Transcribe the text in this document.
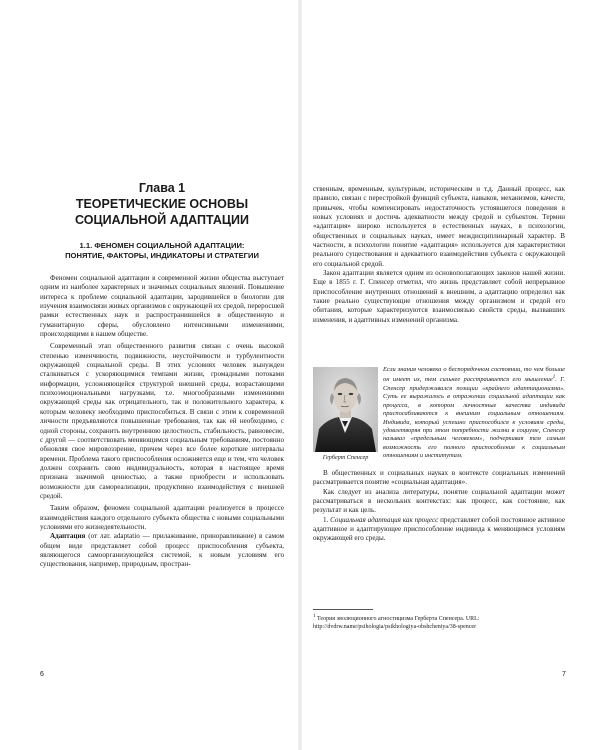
Глава 1
ТЕОРЕТИЧЕСКИЕ ОСНОВЫ
СОЦИАЛЬНОЙ АДАПТАЦИИ
1.1. ФЕНОМЕН СОЦИАЛЬНОЙ АДАПТАЦИИ:
ПОНЯТИЕ, ФАКТОРЫ, ИНДИКАТОРЫ И СТРАТЕГИИ

Феномен социальной адаптации в современной жизни общества выступает одним из наиболее характерных и значимых социальных явлений. Повышение интереса к проблеме социальной адаптации, зародившейся в биологии для изучения взаимосвязи живых организмов с окружающей их средой, переросшей рамки естественных наук и распространившейся в общественную и гуманитарную сферы, обусловлено интенсивными изменениями, происходящими в нашем обществе.

Современный этап общественного развития связан с очень высокой степенью изменчивости, подвижности, неустойчивости и турбулентности окружающей социальной среды. В этих условиях человек вынужден сталкиваться с ускоряющимися темпами жизни, громадными потоками информации, усложняющейся структурой внешней среды, возрастающими психоэмоциональными нагрузками, т.е. многообразными изменениями окружающей среды как отрицательного, так и положительного характера, к которым человеку необходимо приспособиться. В связи с этим к современной личности предъявляются повышенные требования, так как ей необходимо, с одной стороны, сохранить внутреннюю целостность, стабильность, равновесие, с другой — соответствовать меняющимся социальным требованиям, постоянно обновляя свое мировоззрение, причем через все более короткие интервалы времени. Проблема такого приспособления осложняется еще и тем, что человек должен сохранить свою индивидуальность, которая в настоящее время признана значимой ценностью, а также приобрести и использовать возможности для самореализации, продуктивно взаимодействуя с внешней средой.

Таким образом, феномен социальной адаптации реализуется в процессе взаимодействия каждого отдельного субъекта общества с новыми социальными условиями его жизнедеятельности.

Адаптация (от лат. adaptatio — прилаживание, приноравливание) в самом общем виде представляет собой процесс приспособления субъекта, являющегося самоорганизующейся системой, к новым условиям его существования, например, природным, простран-

6

ственным, временным, культурным, историческим и т.д. Данный процесс, как правило, связан с перестройкой функций субъекта, навыков, механизмов, качеств, привычек, чтобы компенсировать недостаточность устоявшегося поведения в новых условиях и достичь адекватности между средой и субъектом. Термин «адаптация» широко используется в естественных науках, в психологии, общественных и социальных науках, имеет междисциплинарный характер. В частности, в психологии понятие «адаптация» используется для характеристики реального существования и адекватного взаимодействия субъекта с окружающей его социальной средой.

Закон адаптации является одним из основополагающих законов нашей жизни. Еще в 1855 г. Г. Спенсер отметил, что жизнь представляет собой непрерывное приспособление внутренних отношений к внешним, а адаптацию определил как такие реально существующие отношения между организмом и средой его обитания, которые характеризуются взаимосвязью свойств среды, вызвавших изменения, и адаптивных изменений организма.

Герберт Спенсер

Если знания человека о беспорядочном состоянии, то чем больше он имеет их, тем сильнее расстраивается его мышление$^1$. Г. Спенсер придерживался позиции «крайнего адаптационизма». Суть ее выражалось в отражении социальной адаптации как процесса, в котором личностные качества индивида приспосабливаются к внешним социальным отношениям. Индивида, который успешно приспособился к условиям среды, удовлетворяя при этом потребности жизни в социуме, Спенсер называл «предельным человеком», подчеркивая тем самым возможность его полного приспособления к социальным отношениям и институтам.

В общественных и социальных науках в контексте социальных изменений рассматривается понятие «социальная адаптация».

Как следует из анализа литературы, понятие социальной адаптации может рассматриваться в нескольких контекстах: как процесс, как состояние, как результат и как цель.

1. Социальная адаптация как процесс представляет собой постоянное активное адаптивное и адаптирующее приспособление индивида к меняющимся условиям окружающей его среды.

$^1$ Теория эволюционного агностицизма Герберта Спенсера. URL: http://dvdrw.name/psihologia/psikhologiya-obshcheniya/38-spencer
7
